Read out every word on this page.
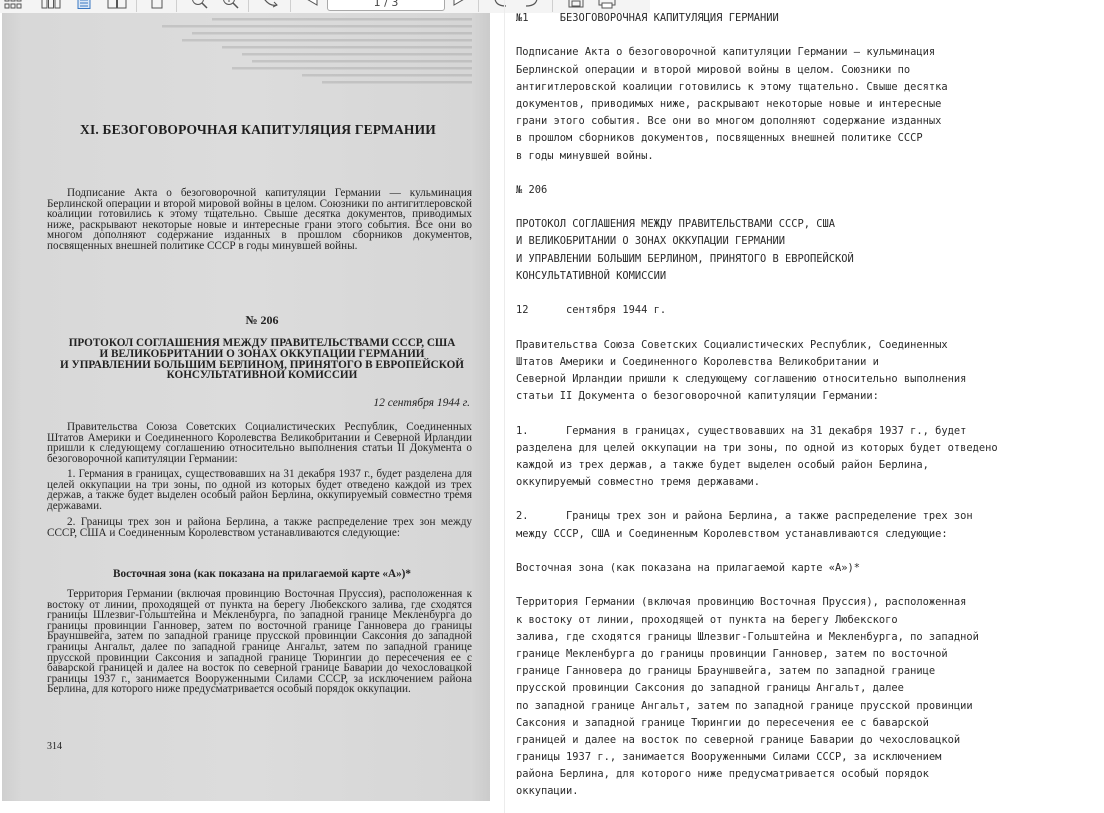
1 / 3
XI. БЕЗОГОВОРОЧНАЯ КАПИТУЛЯЦИЯ ГЕРМАНИИ
Подписание Акта о безоговорочной капитуляции Германии — кульминация Берлинской операции и второй мировой войны в целом. Союзники по антигитлеровской коалиции готовились к этому тщательно. Свыше десятка документов, приводимых ниже, раскрывают некоторые новые и интересные грани этого события. Все они во многом дополняют содержание изданных в прошлом сборников документов, посвященных внешней политике СССР в годы минувшей войны.
№ 206
ПРОТОКОЛ СОГЛАШЕНИЯ МЕЖДУ ПРАВИТЕЛЬСТВАМИ СССР, США
И ВЕЛИКОБРИТАНИИ О ЗОНАХ ОККУПАЦИИ ГЕРМАНИИ
И УПРАВЛЕНИИ БОЛЬШИМ БЕРЛИНОМ, ПРИНЯТОГО В ЕВРОПЕЙСКОЙ
КОНСУЛЬТАТИВНОЙ КОМИССИИ
12 сентября 1944 г.
Правительства Союза Советских Социалистических Республик, Соединенных Штатов Америки и Соединенного Королевства Великобритании и Северной Ирландии пришли к следующему соглашению относительно выполнения статьи II Документа о безоговорочной капитуляции Германии:
1. Германия в границах, существовавших на 31 декабря 1937 г., будет разделена для целей оккупации на три зоны, по одной из которых будет отведено каждой из трех держав, а также будет выделен особый район Берлина, оккупируемый совместно тремя державами.
2. Границы трех зон и района Берлина, а также распределение трех зон между СССР, США и Соединенным Королевством устанавливаются следующие:
Восточная зона (как показана на прилагаемой карте «А»)*
Территория Германии (включая провинцию Восточная Пруссия), расположенная к востоку от линии, проходящей от пункта на берегу Любекского залива, где сходятся границы Шлезвиг-Гольштейна и Мекленбурга, по западной границе Мекленбурга до границы провинции Ганновер, затем по восточной границе Ганновера до границы Брауншвейга, затем по западной границе прусской провинции Саксония до западной границы Ангальт, далее по западной границе Ангальт, затем по западной границе прусской провинции Саксония и западной границе Тюрингии до пересечения ее с баварской границей и далее на восток по северной границе Баварии до чехословацкой границы 1937 г., занимается Вооруженными Силами СССР, за исключением района Берлина, для которого ниже предусматривается особый порядок оккупации.
314
№1     БЕЗОГОВОРОЧНАЯ КАПИТУЛЯЦИЯ ГЕРМАНИИ
Подписание Акта о безоговорочной капитуляции Германии — кульминация
Берлинской операции и второй мировой войны в целом. Союзники по
антигитлеровской коалиции готовились к этому тщательно. Свыше десятка
документов, приводимых ниже, раскрывают некоторые новые и интересные
грани этого события. Все они во многом дополняют содержание изданных
в прошлом сборников документов, посвященных внешней политике СССР
в годы минувшей войны.
№ 206
ПРОТОКОЛ СОГЛАШЕНИЯ МЕЖДУ ПРАВИТЕЛЬСТВАМИ СССР, США
И ВЕЛИКОБРИТАНИИ О ЗОНАХ ОККУПАЦИИ ГЕРМАНИИ
И УПРАВЛЕНИИ БОЛЬШИМ БЕРЛИНОМ, ПРИНЯТОГО В ЕВРОПЕЙСКОЙ
КОНСУЛЬТАТИВНОЙ КОМИССИИ
12      сентября 1944 г.
Правительства Союза Советских Социалистических Республик, Соединенных
Штатов Америки и Соединенного Королевства Великобритании и
Северной Ирландии пришли к следующему соглашению относительно выполнения
статьи II Документа о безоговорочной капитуляции Германии:
1.      Германия в границах, существовавших на 31 декабря 1937 г., будет
разделена для целей оккупации на три зоны, по одной из которых будет отведено
каждой из трех держав, а также будет выделен особый район Берлина,
оккупируемый совместно тремя державами.
2.      Границы трех зон и района Берлина, а также распределение трех зон
между СССР, США и Соединенным Королевством устанавливаются следующие:
Восточная зона (как показана на прилагаемой карте «А»)*
Территория Германии (включая провинцию Восточная Пруссия), расположенная
к востоку от линии, проходящей от пункта на берегу Любекского
залива, где сходятся границы Шлезвиг-Гольштейна и Мекленбурга, по западной
границе Мекленбурга до границы провинции Ганновер, затем по восточной
границе Ганновера до границы Брауншвейга, затем по западной границе
прусской провинции Саксония до западной границы Ангальт, далее
по западной границе Ангальт, затем по западной границе прусской провинции
Саксония и западной границе Тюрингии до пересечения ее с баварской
границей и далее на восток по северной границе Баварии до чехословацкой
границы 1937 г., занимается Вооруженными Силами СССР, за исключением
района Берлина, для которого ниже предусматривается особый порядок
оккупации.
